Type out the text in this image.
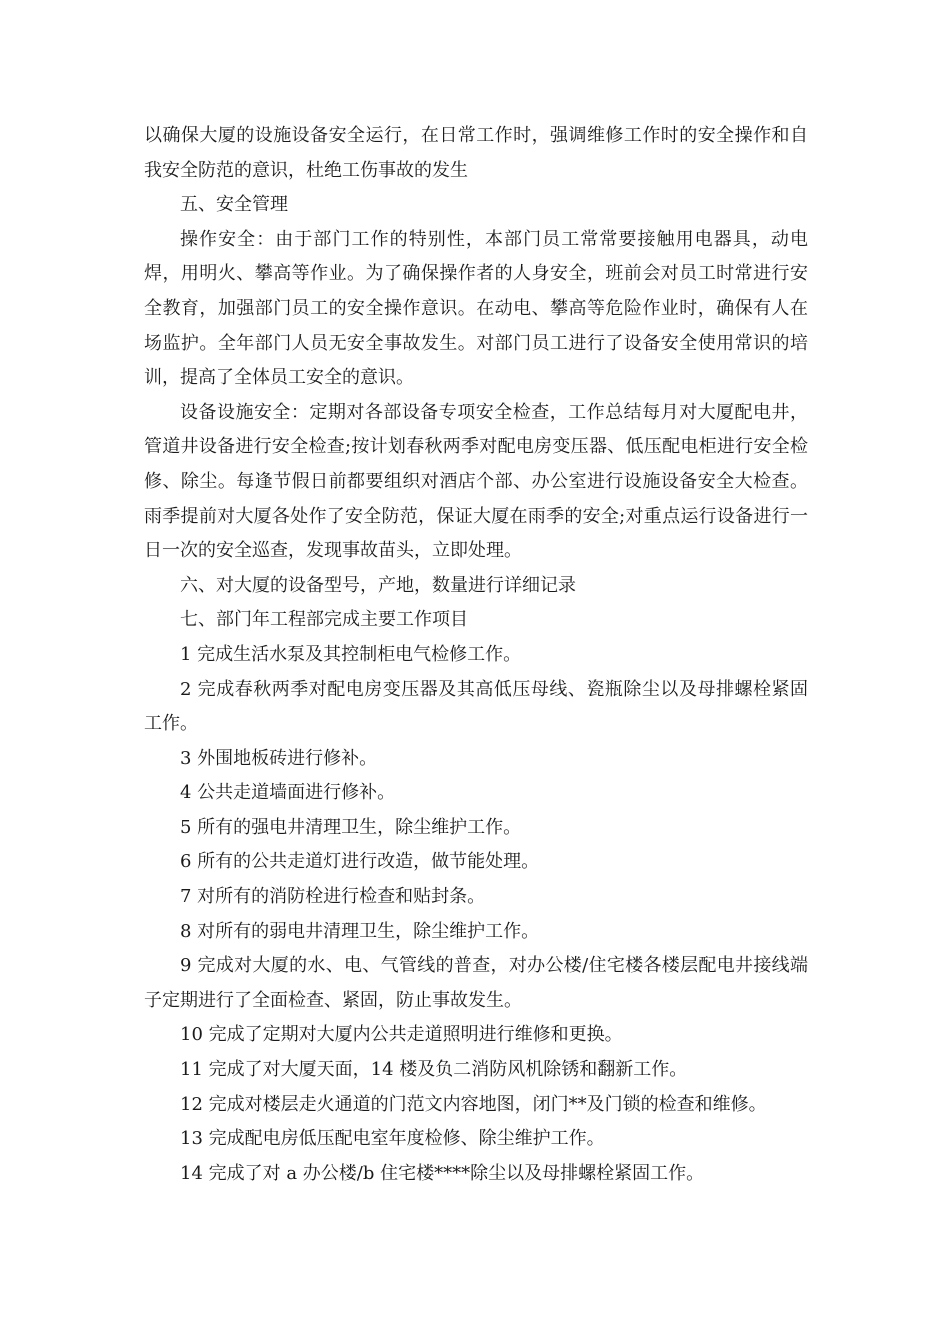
以确保大厦的设施设备安全运行，在日常工作时，强调维修工作时的安全操作和自我安全防范的意识，杜绝工伤事故的发生

五、安全管理

操作安全：由于部门工作的特别性，本部门员工常常要接触用电器具，动电焊，用明火、攀高等作业。为了确保操作者的人身安全，班前会对员工时常进行安全教育，加强部门员工的安全操作意识。在动电、攀高等危险作业时，确保有人在场监护。全年部门人员无安全事故发生。对部门员工进行了设备安全使用常识的培训，提高了全体员工安全的意识。

设备设施安全：定期对各部设备专项安全检查，工作总结每月对大厦配电井，管道井设备进行安全检查;按计划春秋两季对配电房变压器、低压配电柜进行安全检修、除尘。每逢节假日前都要组织对酒店个部、办公室进行设施设备安全大检查。雨季提前对大厦各处作了安全防范，保证大厦在雨季的安全;对重点运行设备进行一日一次的安全巡查，发现事故苗头，立即处理。

六、对大厦的设备型号，产地，数量进行详细记录

七、部门年工程部完成主要工作项目

1 完成生活水泵及其控制柜电气检修工作。

2 完成春秋两季对配电房变压器及其高低压母线、瓷瓶除尘以及母排螺栓紧固工作。

3 外围地板砖进行修补。

4 公共走道墙面进行修补。

5 所有的强电井清理卫生，除尘维护工作。

6 所有的公共走道灯进行改造，做节能处理。

7 对所有的消防栓进行检查和贴封条。

8 对所有的弱电井清理卫生，除尘维护工作。

9 完成对大厦的水、电、气管线的普查，对办公楼/住宅楼各楼层配电井接线端子定期进行了全面检查、紧固，防止事故发生。

10 完成了定期对大厦内公共走道照明进行维修和更换。

11 完成了对大厦天面，14 楼及负二消防风机除锈和翻新工作。

12 完成对楼层走火通道的门范文内容地图，闭门**及门锁的检查和维修。

13 完成配电房低压配电室年度检修、除尘维护工作。

14 完成了对 a 办公楼/b 住宅楼****除尘以及母排螺栓紧固工作。
